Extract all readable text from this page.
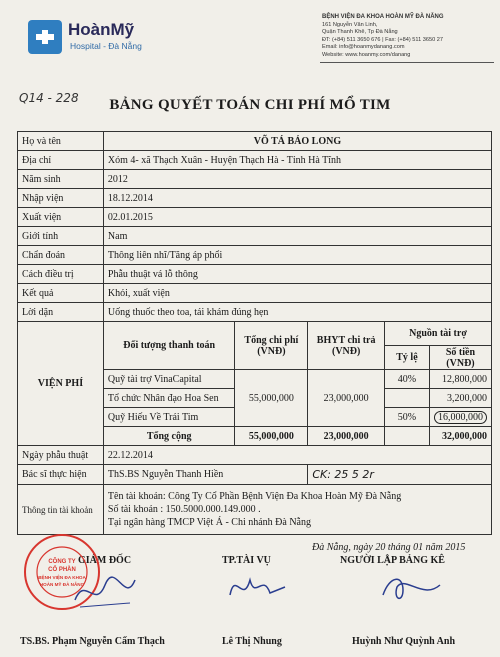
HoànMỹ
Hospital - Đà Nẵng
BỆNH VIỆN ĐA KHOA HOÀN MỸ ĐÀ NẴNG
161 Nguyễn Văn Linh,
Quận Thanh Khê, Tp Đà Nẵng
ĐT: (+84) 511 3650 676 | Fax: (+84) 511 3650 27
Email: info@hoanmydanang.com
Website: www.hoanmy.com/danang
Q14 - 228	BẢNG QUYẾT TOÁN CHI PHÍ MỔ TIM
Họ và tên	VÕ TÁ BẢO LONG				
Địa chỉ	Xóm 4- xã Thạch Xuân - Huyện Thạch Hà - Tỉnh Hà Tĩnh				
Năm sinh	2012				
Nhập viện	18.12.2014				
Xuất viện	02.01.2015				
Giới tính	Nam				
Chẩn đoán	Thông liên nhĩ/Tăng áp phổi				
Cách điều trị	Phẫu thuật vá lỗ thông				
Kết quả	Khỏi, xuất viện				
Lời dặn	Uống thuốc theo toa, tái khám đúng hẹn				
VIỆN PHÍ	Đối tượng thanh toán	Tổng chi phí (VNĐ)	BHYT chi trả (VNĐ)	Nguồn tài trợ	
				Tỷ lệ	Số tiền (VNĐ)
	Quỹ tài trợ VinaCapital	55,000,000	23,000,000	40%	12,800,000
	Tổ chức Nhân đạo Hoa Sen				3,200,000
	Quỹ Hiếu Về Trái Tim			50%	16,000,000
	Tổng cộng	55,000,000	23,000,000		32,000,000
Ngày phẫu thuật	22.12.2014				
Bác sĩ thực hiện	ThS.BS Nguyễn Thanh Hiền		CK: 25 5 2r		
Thông tin tài khoản	Tên tài khoản: Công Ty Cổ Phần Bệnh Viện Đa Khoa Hoàn Mỹ Đà Nẵng
Số tài khoản : 150.5000.000.149.000 .
Tại ngân hàng TMCP Việt Á - Chi nhánh Đà Nẵng				
Đà Nẵng, ngày 20 tháng 01 năm 2015
GIÁM ĐỐC	TP.TÀI VỤ	NGƯỜI LẬP BẢNG KÊ
CÔNG TY
CỔ PHẦN
BỆNH VIỆN ĐA KHOA
HOÀN MỸ ĐÀ NẴNG
TS.BS. Phạm Nguyễn Cẩm Thạch	Lê Thị Nhung	Huỳnh Như Quỳnh Anh
